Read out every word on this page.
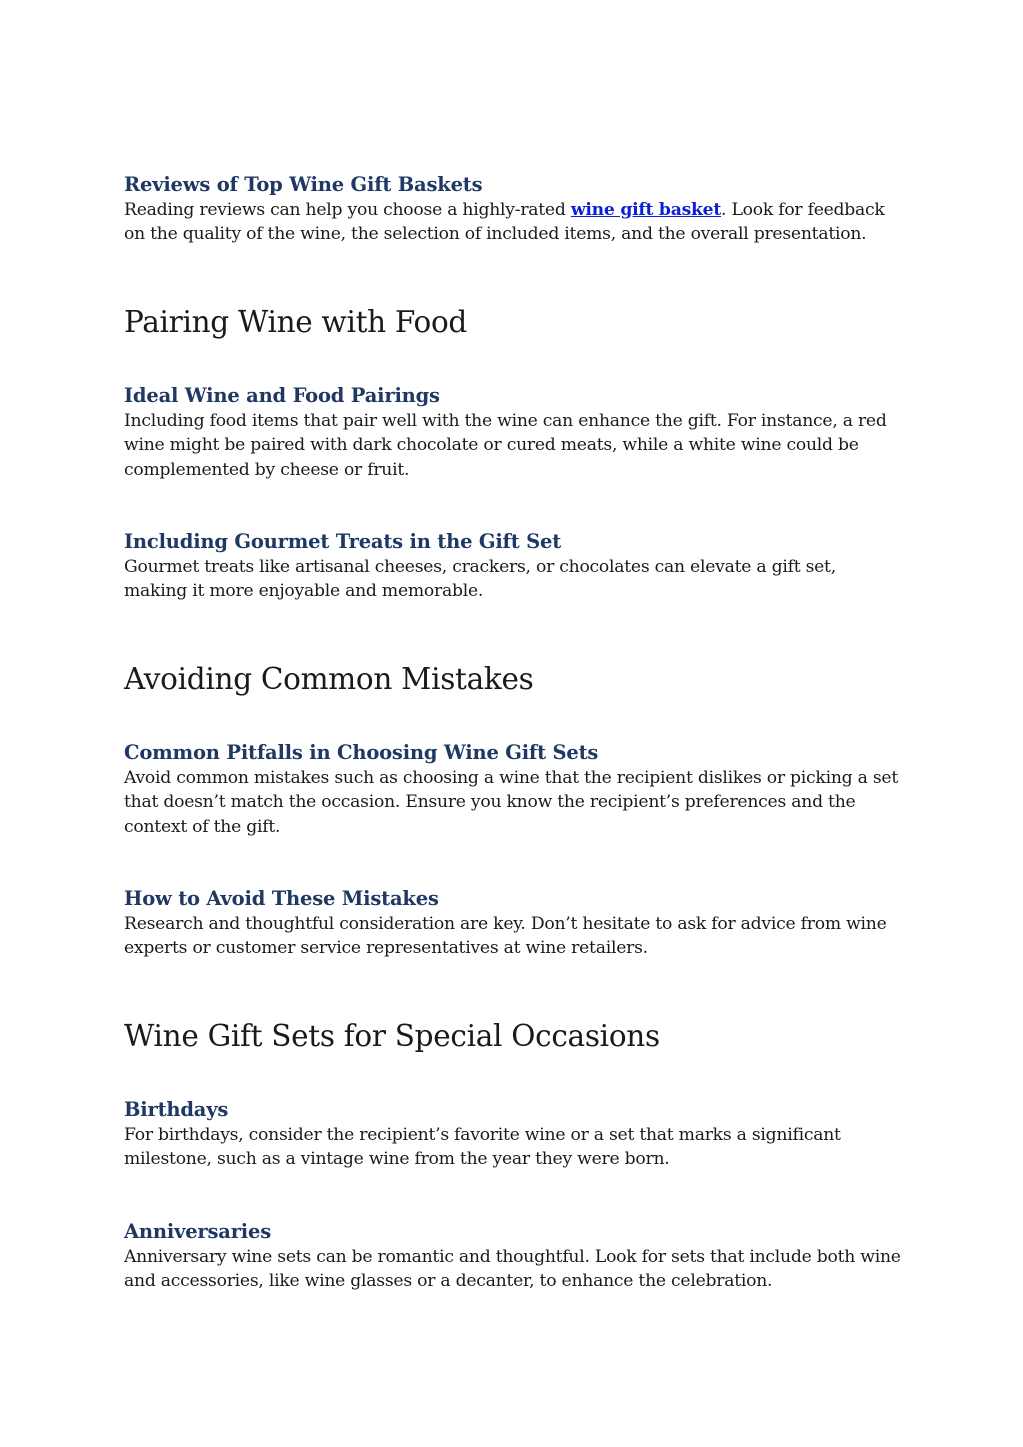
Reviews of Top Wine Gift Baskets

Reading reviews can help you choose a highly-rated wine gift basket. Look for feedback on the quality of the wine, the selection of included items, and the overall presentation.

Pairing Wine with Food
Ideal Wine and Food Pairings

Including food items that pair well with the wine can enhance the gift. For instance, a red wine might be paired with dark chocolate or cured meats, while a white wine could be complemented by cheese or fruit.

Including Gourmet Treats in the Gift Set

Gourmet treats like artisanal cheeses, crackers, or chocolates can elevate a gift set, making it more enjoyable and memorable.

Avoiding Common Mistakes
Common Pitfalls in Choosing Wine Gift Sets

Avoid common mistakes such as choosing a wine that the recipient dislikes or picking a set that doesn’t match the occasion. Ensure you know the recipient’s preferences and the context of the gift.

How to Avoid These Mistakes

Research and thoughtful consideration are key. Don’t hesitate to ask for advice from wine experts or customer service representatives at wine retailers.

Wine Gift Sets for Special Occasions
Birthdays

For birthdays, consider the recipient’s favorite wine or a set that marks a significant milestone, such as a vintage wine from the year they were born.

Anniversaries

Anniversary wine sets can be romantic and thoughtful. Look for sets that include both wine and accessories, like wine glasses or a decanter, to enhance the celebration.
